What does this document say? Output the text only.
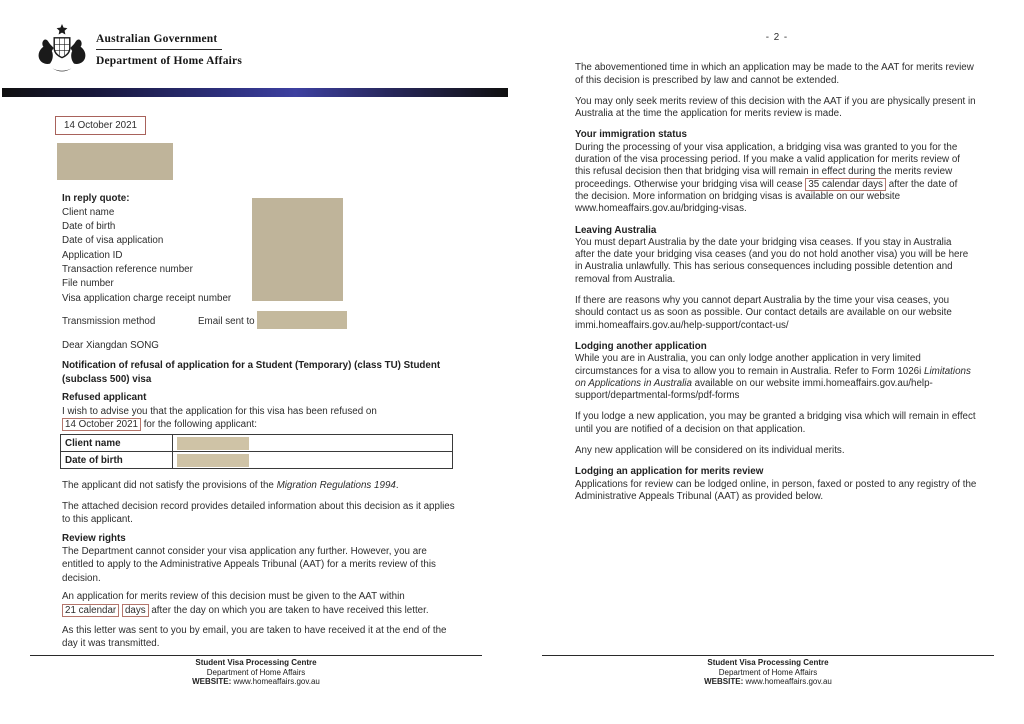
Australian Government
Department of Home Affairs
14 October 2021
In reply quote:
Client name
Date of birth
Date of visa application
Application ID
Transaction reference number
File number
Visa application charge receipt number
Transmission method	Email sent to
Dear Xiangdan SONG
Notification of refusal of application for a Student (Temporary) (class TU) Student (subclass 500) visa
Refused applicant
I wish to advise you that the application for this visa has been refused on 14 October 2021 for the following applicant:
Client name	

Date of birth	
The applicant did not satisfy the provisions of the Migration Regulations 1994.
The attached decision record provides detailed information about this decision as it applies to this applicant.
Review rights
The Department cannot consider your visa application any further. However, you are entitled to apply to the Administrative Appeals Tribunal (AAT) for a merits review of this decision.
An application for merits review of this decision must be given to the AAT within 21 calendar days after the day on which you are taken to have received this letter.
As this letter was sent to you by email, you are taken to have received it at the end of the day it was transmitted.
Student Visa Processing Centre
Department of Home Affairs
WEBSITE: www.homeaffairs.gov.au
- 2 -
The abovementioned time in which an application may be made to the AAT for merits review of this decision is prescribed by law and cannot be extended.
You may only seek merits review of this decision with the AAT if you are physically present in Australia at the time the application for merits review is made.
Your immigration status
During the processing of your visa application, a bridging visa was granted to you for the duration of the visa processing period. If you make a valid application for merits review of this refusal decision then that bridging visa will remain in effect during the merits review proceedings. Otherwise your bridging visa will cease 35 calendar days after the date of the decision. More information on bridging visas is available on our website www.homeaffairs.gov.au/bridging-visas.
Leaving Australia
You must depart Australia by the date your bridging visa ceases. If you stay in Australia after the date your bridging visa ceases (and you do not hold another visa) you will be here in Australia unlawfully. This has serious consequences including possible detention and removal from Australia.
If there are reasons why you cannot depart Australia by the time your visa ceases, you should contact us as soon as possible. Our contact details are available on our website immi.homeaffairs.gov.au/help-support/contact-us/
Lodging another application
While you are in Australia, you can only lodge another application in very limited circumstances for a visa to allow you to remain in Australia. Refer to Form 1026i Limitations on Applications in Australia available on our website immi.homeaffairs.gov.au/help-support/departmental-forms/pdf-forms
If you lodge a new application, you may be granted a bridging visa which will remain in effect until you are notified of a decision on that application.
Any new application will be considered on its individual merits.
Lodging an application for merits review
Applications for review can be lodged online, in person, faxed or posted to any registry of the Administrative Appeals Tribunal (AAT) as provided below.
Student Visa Processing Centre
Department of Home Affairs
WEBSITE: www.homeaffairs.gov.au
